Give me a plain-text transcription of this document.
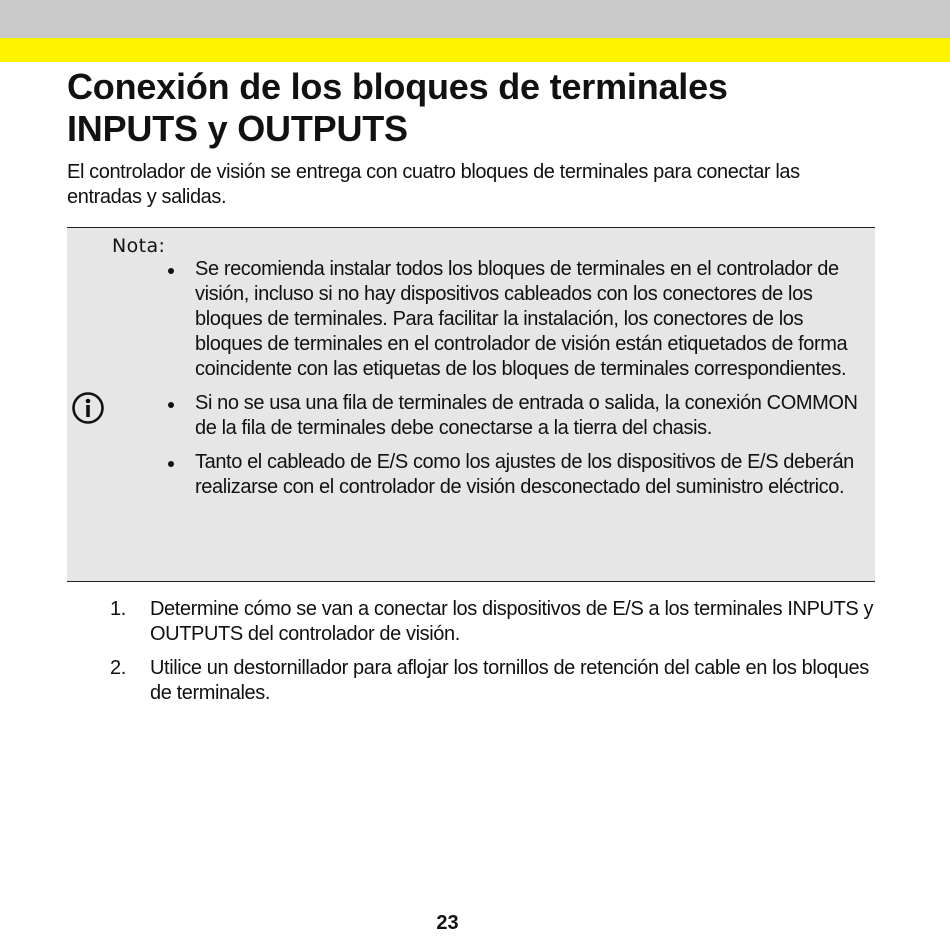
Conexión de los bloques de terminales
INPUTS y OUTPUTS

El controlador de visión se entrega con cuatro bloques de terminales para conectar las entradas y salidas.

Nota:
Se recomienda instalar todos los bloques de terminales en el controlador de visión, incluso si no hay dispositivos cableados con los conectores de los bloques de terminales. Para facilitar la instalación, los conectores de los bloques de terminales en el controlador de visión están etiquetados de forma coincidente con las etiquetas de los bloques de terminales correspondientes.
Si no se usa una fila de terminales de entrada o salida, la conexión COMMON de la fila de terminales debe conectarse a la tierra del chasis.
Tanto el cableado de E/S como los ajustes de los dispositivos de E/S deberán realizarse con el controlador de visión desconectado del suministro eléctrico.
1. Determine cómo se van a conectar los dispositivos de E/S a los terminales INPUTS y OUTPUTS del controlador de visión.
2. Utilice un destornillador para aflojar los tornillos de retención del cable en los bloques de terminales.
23
